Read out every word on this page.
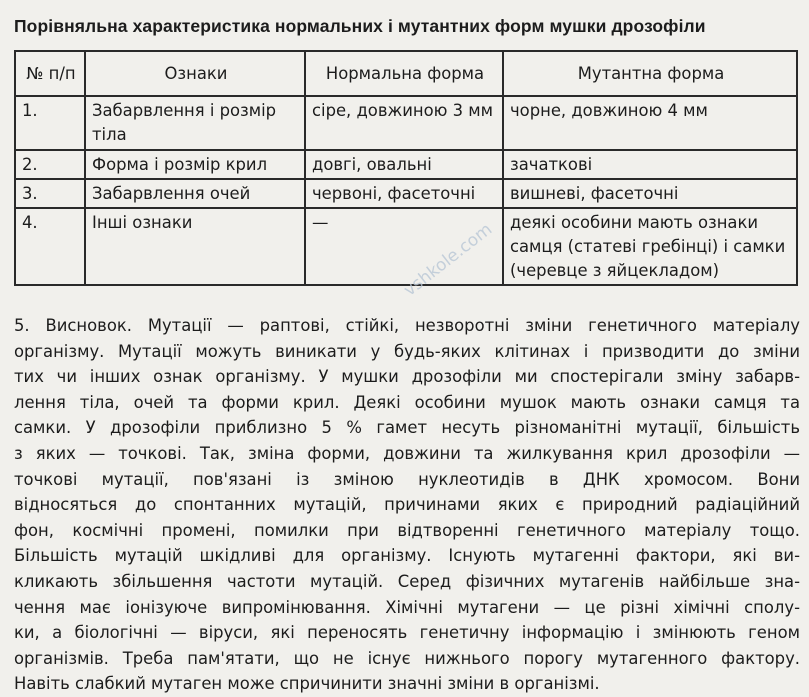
Порівняльна характеристика нормальних і мутантних форм мушки дрозофіли
№ п/п	Ознаки	Нормальна форма	Мутантна форма
1.	Забарвлення і розмір тіла	сіре, довжиною 3 мм	чорне, довжиною 4 мм
2.	Форма і розмір крил	довгі, овальні	зачаткові
3.	Забарвлення очей	червоні, фасеточні	вишневі, фасеточні
4.	Інші ознаки	—	деякі особини мають ознаки самця (статеві гребінці) і самки (черевце з яйцекладом)
vshkole.com

5. Висновок. Мутації — раптові, стійкі, незворотні зміни генетичного матеріалу

організму. Мутації можуть виникати у будь-яких клітинах і призводити до зміни

тих чи інших ознак організму. У мушки дрозофіли ми спостерігали зміну забарв-

лення тіла, очей та форми крил. Деякі особини мушок мають ознаки самця та

самки. У дрозофіли приблизно 5 % гамет несуть різноманітні мутації, більшість

з яких — точкові. Так, зміна форми, довжини та жилкування крил дрозофіли —

точкові мутації, пов'язані із зміною нуклеотидів в ДНК хромосом. Вони

відносяться до спонтанних мутацій, причинами яких є природний радіаційний

фон, космічні промені, помилки при відтворенні генетичного матеріалу тощо.

Більшість мутацій шкідливі для організму. Існують мутагенні фактори, які ви-

кликають збільшення частоти мутацій. Серед фізичних мутагенів найбільше зна-

чення має іонізуюче випромінювання. Хімічні мутагени — це різні хімічні сполу-

ки, а біологічні — віруси, які переносять генетичну інформацію і змінюють геном

організмів. Треба пам'ятати, що не існує нижнього порогу мутагенного фактору.

Навіть слабкий мутаген може спричинити значні зміни в організмі.
